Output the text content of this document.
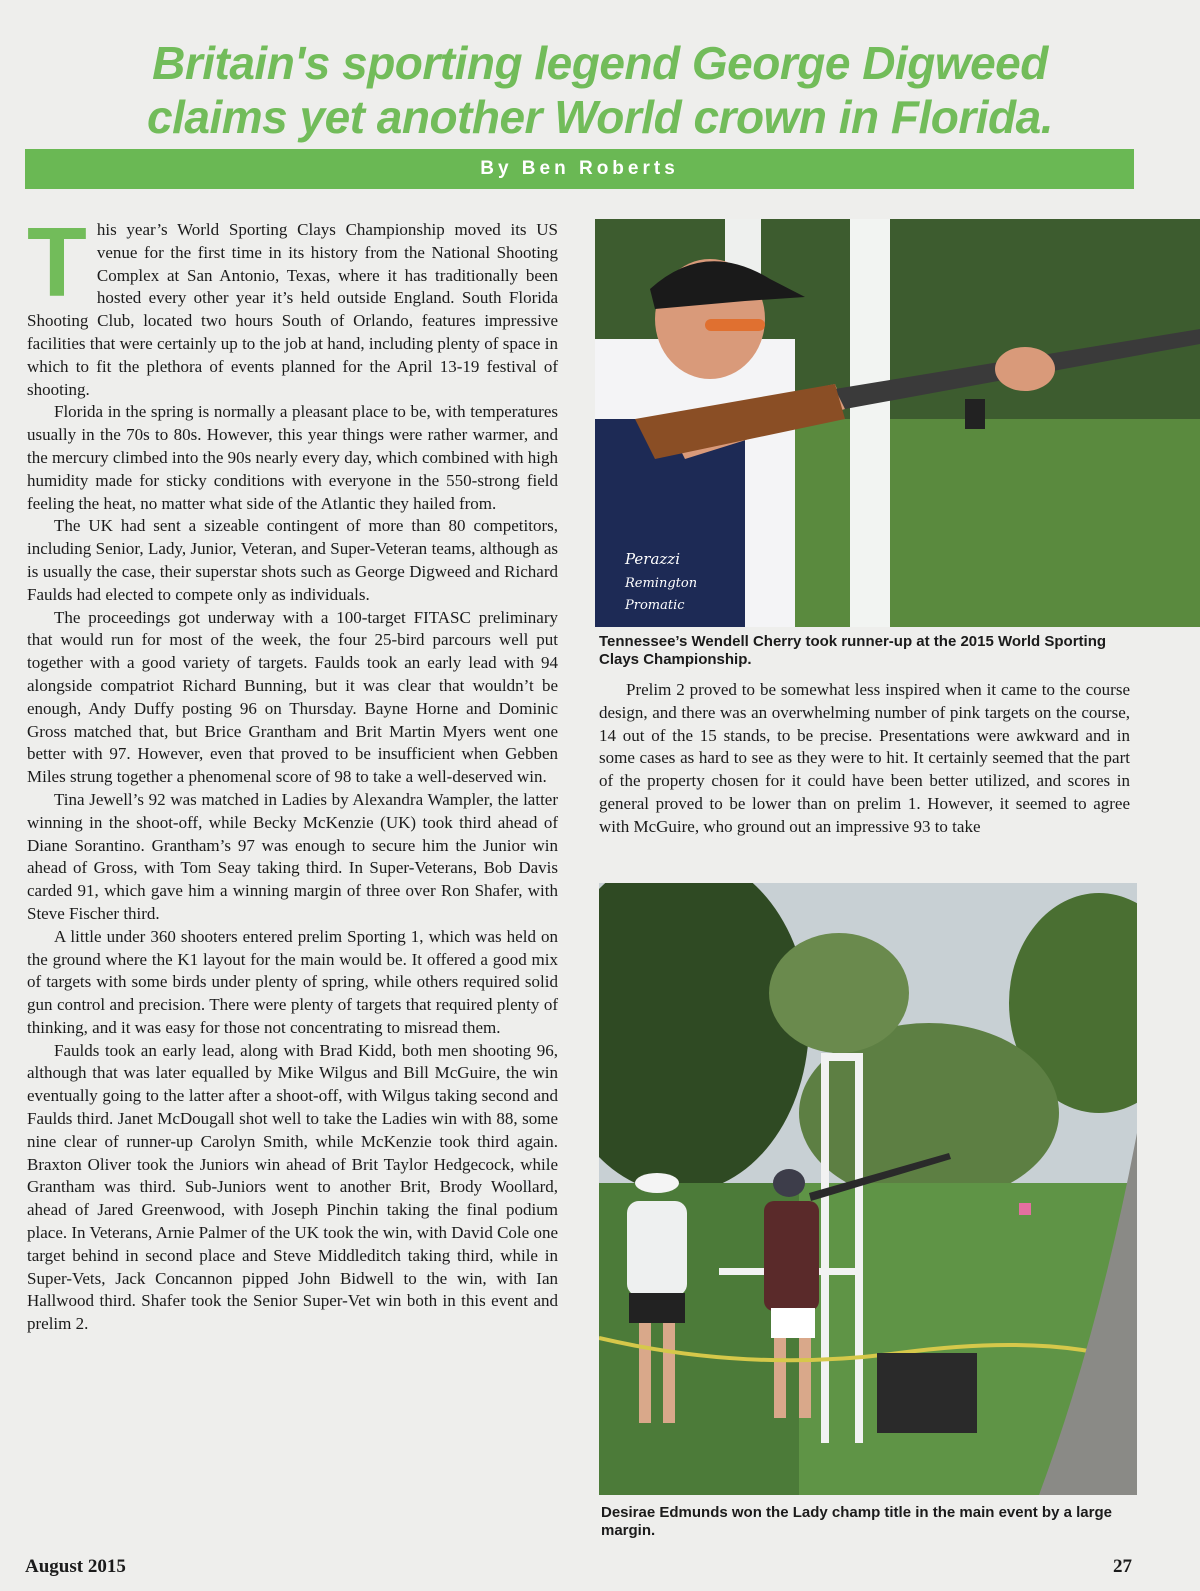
Britain's sporting legend George Digweed
claims yet another World crown in Florida.
By Ben Roberts
T his year’s World Sporting Clays Championship moved its US venue for the first time in its history from the National Shooting Complex at San Antonio, Texas, where it has traditionally been hosted every other year it’s held outside England. South Florida Shooting Club, located two hours South of Orlando, features impressive facilities that were certainly up to the job at hand, including plenty of space in which to fit the plethora of events planned for the April 13-19 festival of shooting.

Florida in the spring is normally a pleasant place to be, with temperatures usually in the 70s to 80s. However, this year things were rather warmer, and the mercury climbed into the 90s nearly every day, which combined with high humidity made for sticky conditions with everyone in the 550-strong field feeling the heat, no matter what side of the Atlantic they hailed from.

The UK had sent a sizeable contingent of more than 80 competitors, including Senior, Lady, Junior, Veteran, and Super-Veteran teams, although as is usually the case, their superstar shots such as George Digweed and Richard Faulds had elected to compete only as individuals.

The proceedings got underway with a 100-target FITASC preliminary that would run for most of the week, the four 25-bird parcours well put together with a good variety of targets. Faulds took an early lead with 94 alongside compatriot Richard Bunning, but it was clear that wouldn’t be enough, Andy Duffy posting 96 on Thursday. Bayne Horne and Dominic Gross matched that, but Brice Grantham and Brit Martin Myers went one better with 97. However, even that proved to be insufficient when Gebben Miles strung together a phenomenal score of 98 to take a well-deserved win.

Tina Jewell’s 92 was matched in Ladies by Alexandra Wampler, the latter winning in the shoot-off, while Becky McKenzie (UK) took third ahead of Diane Sorantino. Grantham’s 97 was enough to secure him the Junior win ahead of Gross, with Tom Seay taking third. In Super-Veterans, Bob Davis carded 91, which gave him a winning margin of three over Ron Shafer, with Steve Fischer third.

A little under 360 shooters entered prelim Sporting 1, which was held on the ground where the K1 layout for the main would be. It offered a good mix of targets with some birds under plenty of spring, while others required solid gun control and precision. There were plenty of targets that required plenty of thinking, and it was easy for those not concentrating to misread them.

Faulds took an early lead, along with Brad Kidd, both men shooting 96, although that was later equalled by Mike Wilgus and Bill McGuire, the win eventually going to the latter after a shoot-off, with Wilgus taking second and Faulds third. Janet McDougall shot well to take the Ladies win with 88, some nine clear of runner-up Carolyn Smith, while McKenzie took third again. Braxton Oliver took the Juniors win ahead of Brit Taylor Hedgecock, while Grantham was third. Sub-Juniors went to another Brit, Brody Woollard, ahead of Jared Greenwood, with Joseph Pinchin taking the final podium place. In Veterans, Arnie Palmer of the UK took the win, with David Cole one target behind in second place and Steve Middleditch taking third, while in Super-Vets, Jack Concannon pipped John Bidwell to the win, with Ian Hallwood third. Shafer took the Senior Super-Vet win both in this event and prelim 2.

Perazzi
Remington
Promatic
Tennessee’s Wendell Cherry took runner-up at the 2015 World Sporting Clays Championship.

Prelim 2 proved to be somewhat less inspired when it came to the course design, and there was an overwhelming number of pink targets on the course, 14 out of the 15 stands, to be precise. Presentations were awkward and in some cases as hard to see as they were to hit. It certainly seemed that the part of the property chosen for it could have been better utilized, and scores in general proved to be lower than on prelim 1. However, it seemed to agree with McGuire, who ground out an impressive 93 to take

Desirae Edmunds won the Lady champ title in the main event by a large margin.
August 2015	27
